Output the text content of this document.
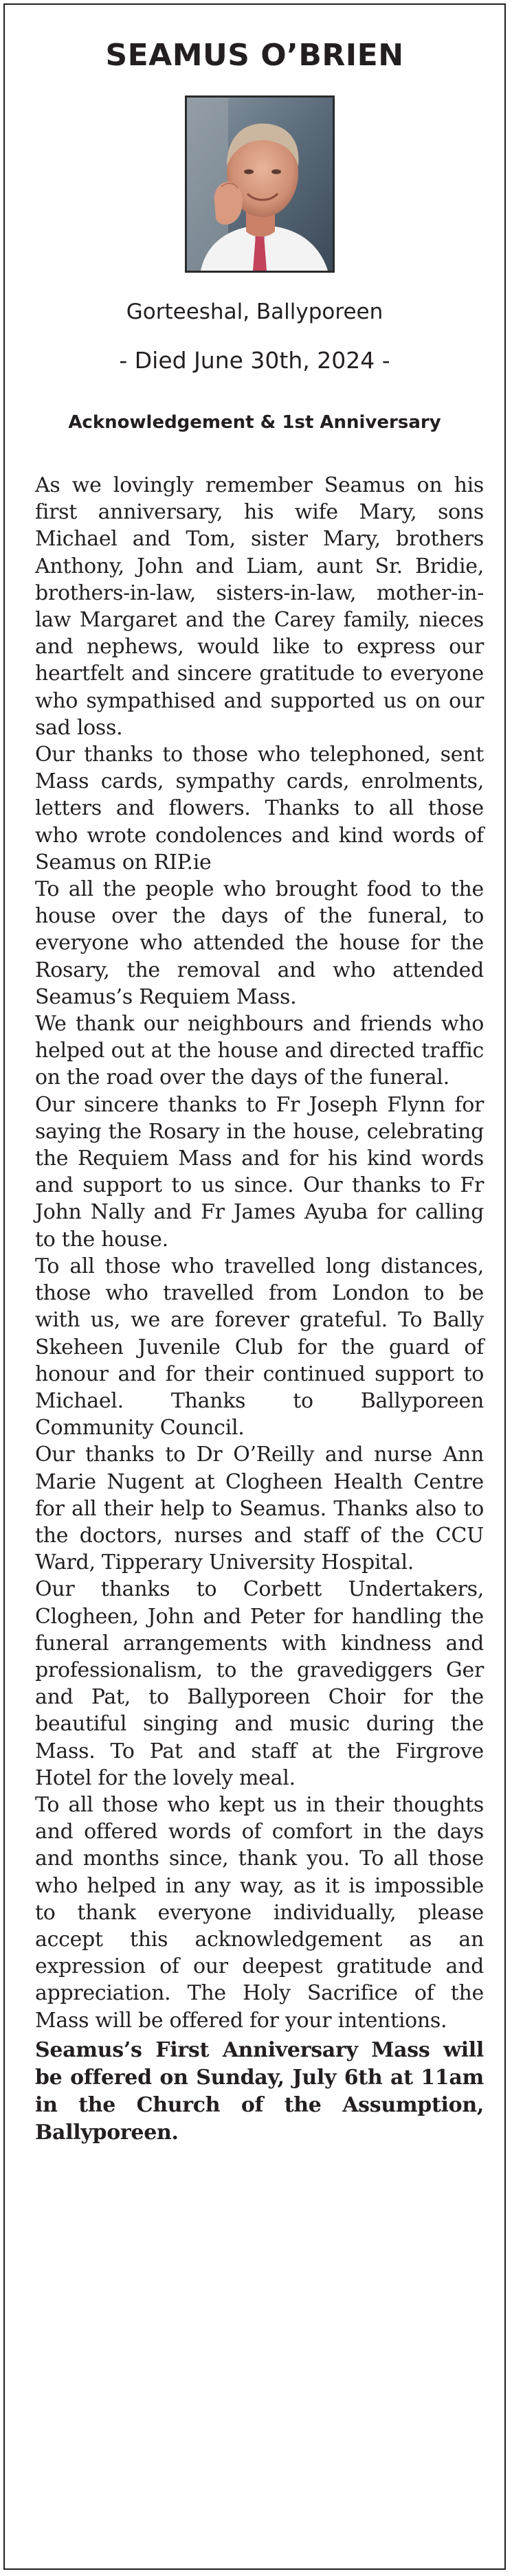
SEAMUS O’BRIEN
Gorteeshal, Ballyporeen
- Died June 30th, 2024 -
Acknowledgement & 1st Anniversary

As we lovingly remember Seamus on his first anniversary, his wife Mary, sons Michael and Tom, sister Mary, brothers Anthony, John and Liam, aunt Sr. Bridie, brothers-in-law, sisters-in-law, mother-in-law Margaret and the Carey family, nieces and nephews, would like to express our heartfelt and sincere gratitude to everyone who sympathised and supported us on our sad loss.

Our thanks to those who telephoned, sent Mass cards, sympathy cards, enrolments, letters and flowers. Thanks to all those who wrote condolences and kind words of Seamus on RIP.ie

To all the people who brought food to the house over the days of the funeral, to everyone who attended the house for the Rosary, the removal and who attended Seamus’s Requiem Mass.

We thank our neighbours and friends who helped out at the house and directed traffic on the road over the days of the funeral.

Our sincere thanks to Fr Joseph Flynn for saying the Rosary in the house, celebrating the Requiem Mass and for his kind words and support to us since. Our thanks to Fr John Nally and Fr James Ayuba for calling to the house.

To all those who travelled long distances, those who travelled from London to be with us, we are forever grateful. To Bally Skeheen Juvenile Club for the guard of honour and for their continued support to Michael. Thanks to Ballyporeen Community Council.

Our thanks to Dr O’Reilly and nurse Ann Marie Nugent at Clogheen Health Centre for all their help to Seamus. Thanks also to the doctors, nurses and staff of the CCU Ward, Tipperary University Hospital.

Our thanks to Corbett Undertakers, Clogheen, John and Peter for handling the funeral arrangements with kindness and professionalism, to the gravediggers Ger and Pat, to Ballyporeen Choir for the beautiful singing and music during the Mass. To Pat and staff at the Firgrove Hotel for the lovely meal.

To all those who kept us in their thoughts and offered words of comfort in the days and months since, thank you. To all those who helped in any way, as it is impossible to thank everyone individually, please accept this acknowledgement as an expression of our deepest gratitude and appreciation. The Holy Sacrifice of the Mass will be offered for your intentions.

Seamus’s First Anniversary Mass will be offered on Sunday, July 6th at 11am in the Church of the Assumption, Ballyporeen.
